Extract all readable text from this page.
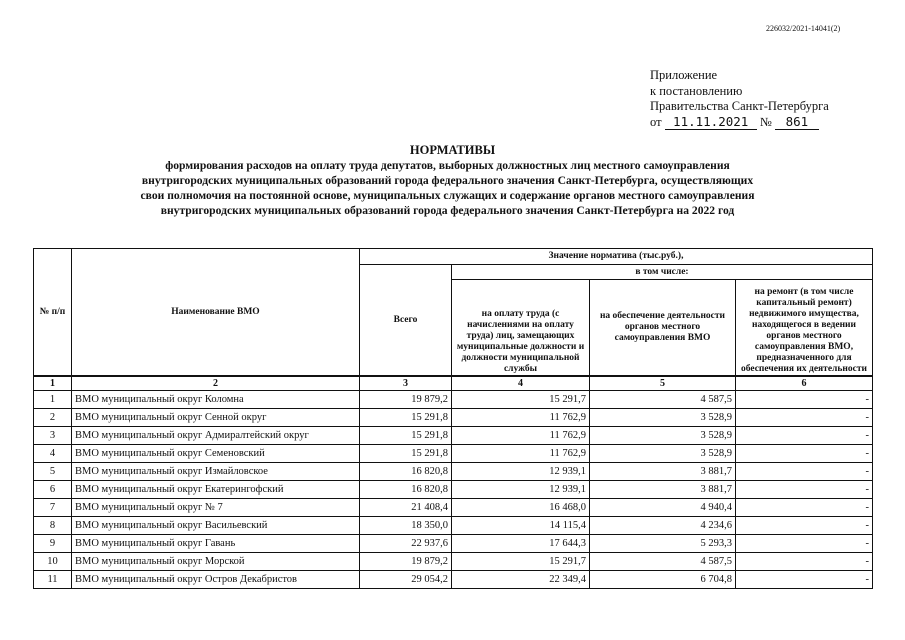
226032/2021-14041(2)
Приложение
к постановлению
Правительства Санкт-Петербурга
от 11.11.2021 № 861
НОРМАТИВЫ
формирования расходов на оплату труда депутатов, выборных должностных лиц местного самоуправления
внутригородских муниципальных образований города федерального значения Санкт-Петербурга, осуществляющих
свои полномочия на постоянной основе, муниципальных служащих и содержание органов местного самоуправления
внутригородских муниципальных образований города федерального значения Санкт-Петербурга на 2022 год
№ п/п	Наименование ВМО	Значение норматива (тыс.руб.),			
		Всего	в том числе:		
			на оплату труда (с начислениями на оплату труда) лиц, замещающих муниципальные должности и должности муниципальной службы	на обеспечение деятельности органов местного самоуправления ВМО	на ремонт (в том числе капитальный ремонт) недвижимого имущества, находящегося в ведении органов местного самоуправления ВМО, предназначенного для обеспечения их деятельности
1	2	3	4	5	6
1	ВМО муниципальный округ Коломна	19 879,2	15 291,7	4 587,5	-
2	ВМО муниципальный округ Сенной округ	15 291,8	11 762,9	3 528,9	-
3	ВМО муниципальный округ Адмиралтейский округ	15 291,8	11 762,9	3 528,9	-
4	ВМО муниципальный округ Семеновский	15 291,8	11 762,9	3 528,9	-
5	ВМО муниципальный округ Измайловское	16 820,8	12 939,1	3 881,7	-
6	ВМО муниципальный округ Екатерингофский	16 820,8	12 939,1	3 881,7	-
7	ВМО муниципальный округ № 7	21 408,4	16 468,0	4 940,4	-
8	ВМО муниципальный округ Васильевский	18 350,0	14 115,4	4 234,6	-
9	ВМО муниципальный округ Гавань	22 937,6	17 644,3	5 293,3	-
10	ВМО муниципальный округ Морской	19 879,2	15 291,7	4 587,5	-
11	ВМО муниципальный округ Остров Декабристов	29 054,2	22 349,4	6 704,8	-
